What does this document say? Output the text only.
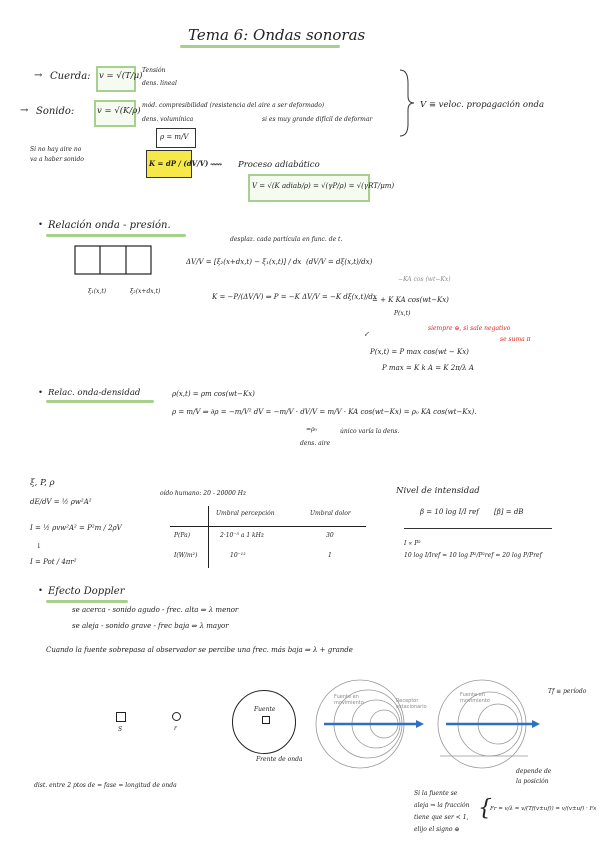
Tema 6: Ondas sonoras
→ Cuerda: v = √(T/μ)
Tensión
dens. lineal
→ Sonido:	v = √(K/ρ)
mód. compresibilidad (resistencia del aire a ser deformado)
si es muy grande difícil de deformar
dens. volumínica
V ≡ veloc. propagación onda
Si no hay aire no
va a haber sonido
ρ = m/V
K = dP / (dV/V) ⟿ Proceso adiabático
V = √(K adiab/ρ) = √(γP/ρ) = √(γRT/μm)
• Relación onda - presión.
ξ₁(x,t)	ξ₂(x+dx,t)
desplaz. cada partícula en func. de t.
ΔV/V = [ξ₂(x+dx,t) − ξ₁(x,t)] / dx (dV/V = dξ(x,t)/dx)
−KA cos (wt−Kx)
K = −P/(ΔV/V) ⇒ P = −K ΔV/V = −K dξ(x,t)/dx
= + K KA cos(wt−Kx)
P(x,t)
siempre ⊕, si sale negativo
se suma π
↙
P(x,t) = P max cos(wt − Kx)
P max = K k A = K 2π/λ A
• Relac. onda-densidad	ρ(x,t) = ρm cos(wt−Kx)
ρ = m/V ⇒ ∂ρ = −m/V² dV = −m/V · dV/V = m/V · KA cos(wt−Kx) = ρ₀ KA cos(wt−Kx).
=ρ₀
dens. aire
único varía la dens.
ξ, P, ρ
dE/dV = ½ ρw²A²
I = ½ ρvw²A² = P²m / 2ρV
↓
I = Pot / 4πr²
oído humano: 20 - 20000 Hz
Umbral percepción	Umbral dolor
P(Pa)	2·10⁻⁵ a 1 kHz	30
I(W/m²)	10⁻¹²	1
Nivel de intensidad
β = 10 log I/I ref [β] = dB
I ∝ P²
10 log I/Iref = 10 log P²/P²ref = 20 log P/Pref
• Efecto Doppler
se acerca - sonido agudo - frec. alta ⇒ λ menor
se aleja - sonido grave - frec baja ⇒ λ mayor
Cuando la fuente sobrepasa al observador se percibe una frec. más baja ⇒ λ + grande
S	r
Fuente
Frente de onda
dist. entre 2 ptos de = fase = longitud de onda
Fuente en
movimiento	Receptor
estacionario
Fuente en
movimiento
Tf ≡ período
depende de
la posición
Si la fuente se
aleja ⇒ la fracción
tiene que ser < 1,
elijo el signo ⊕
{
Fr = v/λ = v/(Tf(v±uf)) = v/(v±uf) · Fs
